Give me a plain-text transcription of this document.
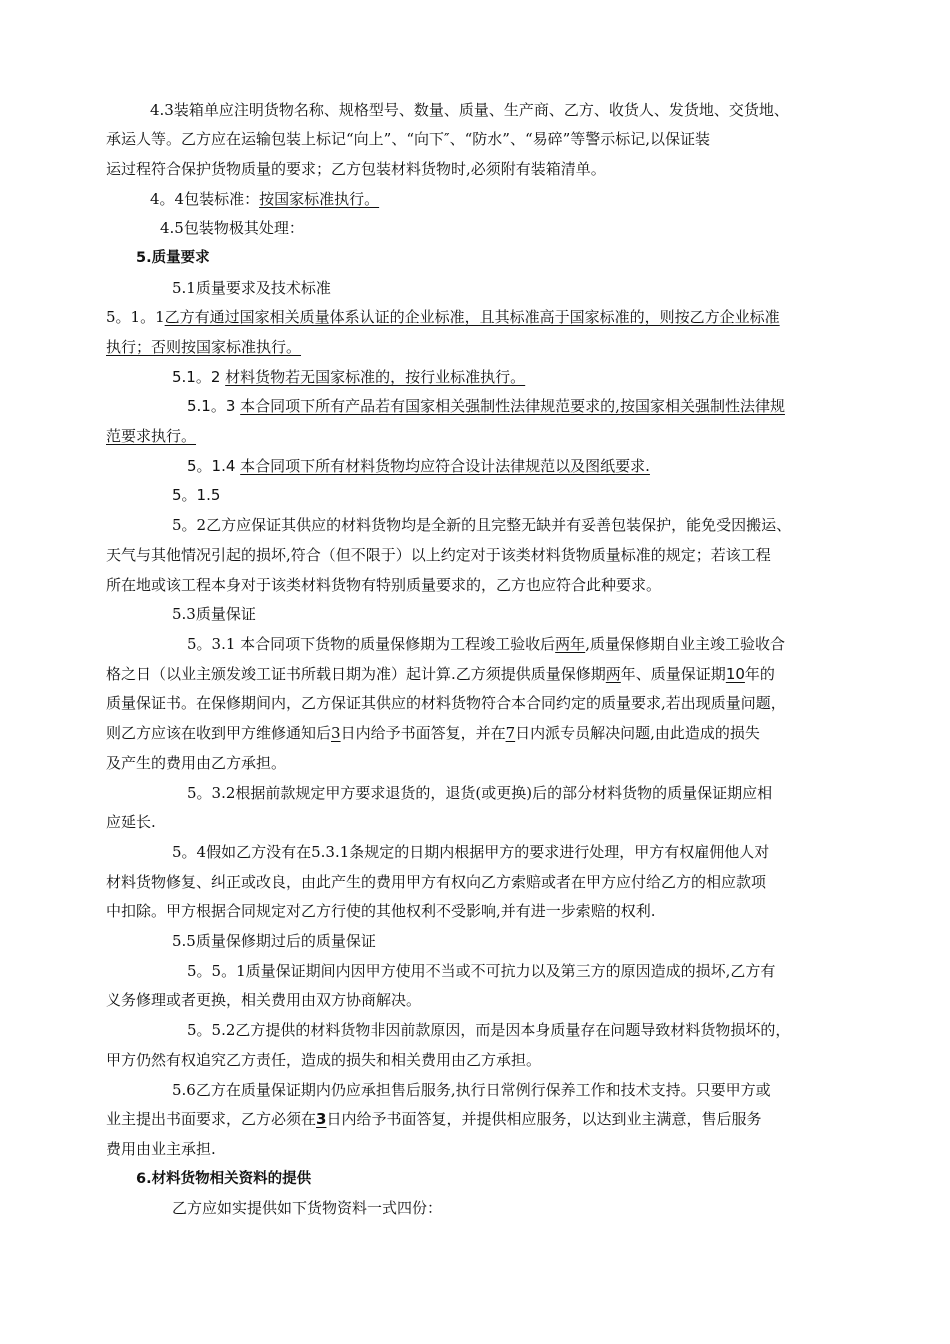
4.3装箱单应注明货物名称、规格型号、数量、质量、生产商、乙方、收货人、发货地、交货地、
承运人等。乙方应在运输包装上标记“向上”、“向下″、“防水”、“易碎”等警示标记,以保证装
运过程符合保护货物质量的要求；乙方包装材料货物时,必须附有装箱清单。
4。4包装标准：按国家标准执行。
4.5包装物极其处理：
5.质量要求
5.1质量要求及技术标准
5。1。1乙方有通过国家相关质量体系认证的企业标准，且其标准高于国家标准的，则按乙方企业标准
执行；否则按国家标准执行。
5.1。2 材料货物若无国家标准的，按行业标准执行。
5.1。3 本合同项下所有产品若有国家相关强制性法律规范要求的,按国家相关强制性法律规
范要求执行。
5。1.4 本合同项下所有材料货物均应符合设计法律规范以及图纸要求.
5。1.5
5。2乙方应保证其供应的材料货物均是全新的且完整无缺并有妥善包装保护，能免受因搬运、
天气与其他情况引起的损坏,符合（但不限于）以上约定对于该类材料货物质量标准的规定；若该工程
所在地或该工程本身对于该类材料货物有特别质量要求的，乙方也应符合此种要求。
5.3质量保证
5。3.1 本合同项下货物的质量保修期为工程竣工验收后两年,质量保修期自业主竣工验收合
格之日（以业主颁发竣工证书所载日期为准）起计算.乙方须提供质量保修期两年、质量保证期10年的
质量保证书。在保修期间内，乙方保证其供应的材料货物符合本合同约定的质量要求,若出现质量问题，
则乙方应该在收到甲方维修通知后3日内给予书面答复，并在7日内派专员解决问题,由此造成的损失
及产生的费用由乙方承担。
5。3.2根据前款规定甲方要求退货的，退货(或更换)后的部分材料货物的质量保证期应相
应延长.
5。4假如乙方没有在5.3.1条规定的日期内根据甲方的要求进行处理，甲方有权雇佣他人对
材料货物修复、纠正或改良，由此产生的费用甲方有权向乙方索赔或者在甲方应付给乙方的相应款项
中扣除。甲方根据合同规定对乙方行使的其他权利不受影响,并有进一步索赔的权利.
5.5质量保修期过后的质量保证
5。5。1质量保证期间内因甲方使用不当或不可抗力以及第三方的原因造成的损坏,乙方有
义务修理或者更换，相关费用由双方协商解决。
5。5.2乙方提供的材料货物非因前款原因，而是因本身质量存在问题导致材料货物损坏的，
甲方仍然有权追究乙方责任，造成的损失和相关费用由乙方承担。
5.6乙方在质量保证期内仍应承担售后服务,执行日常例行保养工作和技术支持。只要甲方或
业主提出书面要求，乙方必须在3日内给予书面答复，并提供相应服务，以达到业主满意，售后服务
费用由业主承担.
6.材料货物相关资料的提供
乙方应如实提供如下货物资料一式四份：
